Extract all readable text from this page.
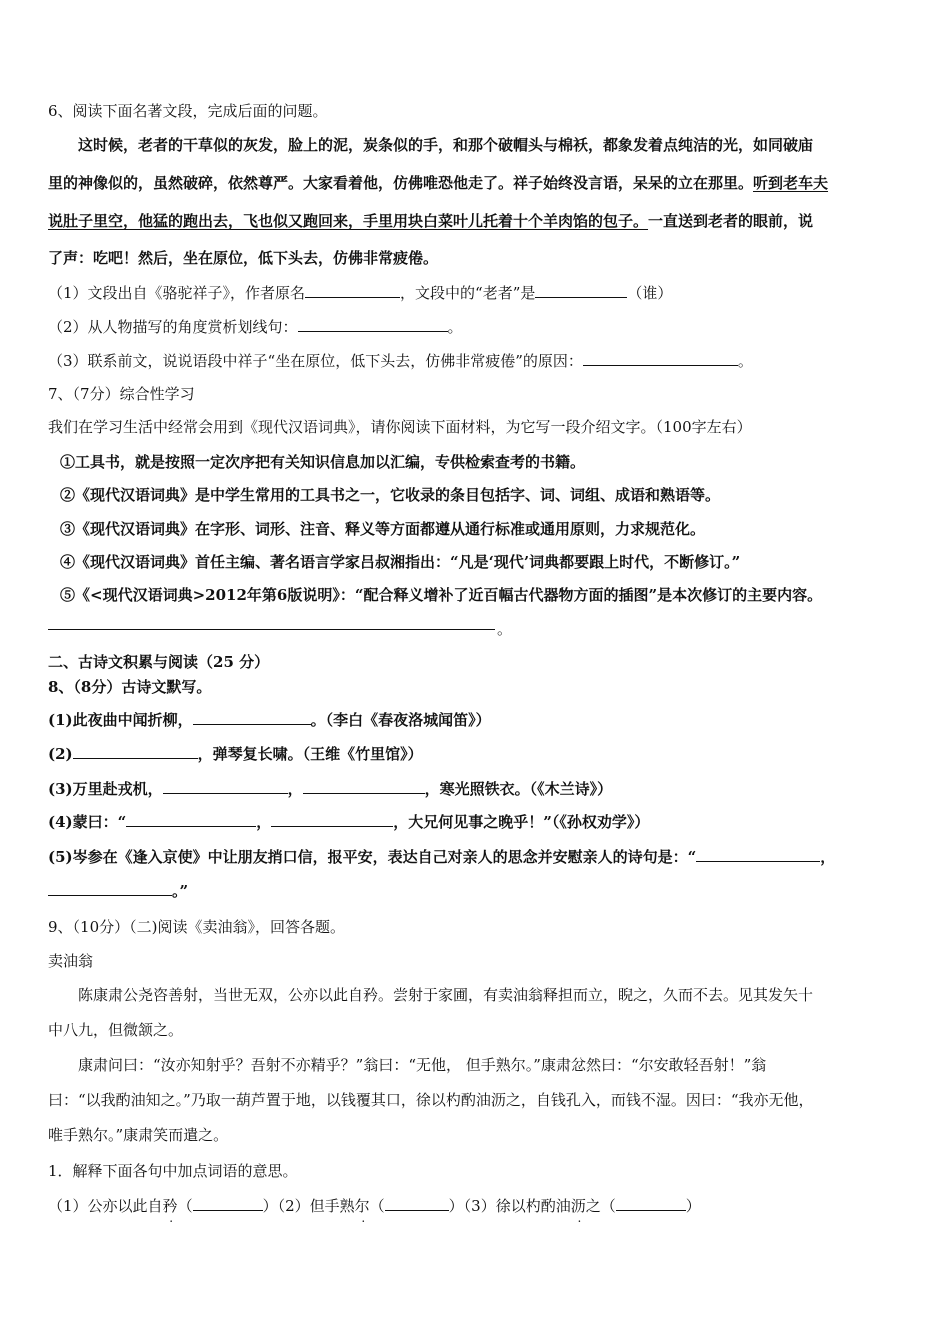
6、阅读下面名著文段，完成后面的问题。
这时候，老者的干草似的灰发，脸上的泥，炭条似的手，和那个破帽头与棉袄，都象发着点纯洁的光，如同破庙
里的神像似的，虽然破碎，依然尊严。大家看着他，仿佛唯恐他走了。祥子始终没言语，呆呆的立在那里。听到老车夫
说肚子里空，他猛的跑出去，飞也似又跑回来，手里用块白菜叶儿托着十个羊肉馅的包子。一直送到老者的眼前，说
了声：吃吧！然后，坐在原位，低下头去，仿佛非常疲倦。
（1）文段出自《骆驼祥子》，作者原名	，文段中的“老者”是	（谁）
（2）从人物描写的角度赏析划线句：	。
（3）联系前文，说说语段中祥子“坐在原位，低下头去，仿佛非常疲倦”的原因：	。
7、（7分）综合性学习
我们在学习生活中经常会用到《现代汉语词典》，请你阅读下面材料，为它写一段介绍文字。（100字左右）
①工具书，就是按照一定次序把有关知识信息加以汇编，专供检索查考的书籍。
②《现代汉语词典》是中学生常用的工具书之一，它收录的条目包括字、词、词组、成语和熟语等。
③《现代汉语词典》在字形、词形、注音、释义等方面都遵从通行标准或通用原则，力求规范化。
④《现代汉语词典》首任主编、著名语言学家吕叔湘指出：“凡是‘现代’词典都要跟上时代，不断修订。”
⑤《<现代汉语词典>2012年第6版说明》：“配合释义增补了近百幅古代器物方面的插图”是本次修订的主要内容。
。
二、古诗文积累与阅读（25 分）
8、（8分）古诗文默写。
(1)此夜曲中闻折柳，	。（李白《春夜洛城闻笛》）
(2)	，弹琴复长啸。（王维《竹里馆》）
(3)万里赴戎机，	，	，寒光照铁衣。（《木兰诗》）
(4)蒙曰：“	，	，大兄何见事之晚乎！”（《孙权劝学》）
(5)岑参在《逢入京使》中让朋友捎口信，报平安，表达自己对亲人的思念并安慰亲人的诗句是：“	，
。”
9、（10分）（二)阅读《卖油翁》，回答各题。
卖油翁
陈康肃公尧咨善射，当世无双，公亦以此自矜。尝射于家圃，有卖油翁释担而立，睨之，久而不去。见其发矢十
中八九，但微颔之。
康肃问曰：“汝亦知射乎？吾射不亦精乎？”翁曰：“无他， 但手熟尔。”康肃忿然曰：“尔安敢轻吾射！”翁
曰：“以我酌油知之。”乃取一葫芦置于地，以钱覆其口，徐以杓酌油沥之，自钱孔入，而钱不湿。因曰：“我亦无他，
唯手熟尔。”康肃笑而遣之。
1．解释下面各句中加点词语的意思。
（1）公亦以此自矜（	）（2）但手熟尔（	）（3）徐以杓酌油沥之（	）
